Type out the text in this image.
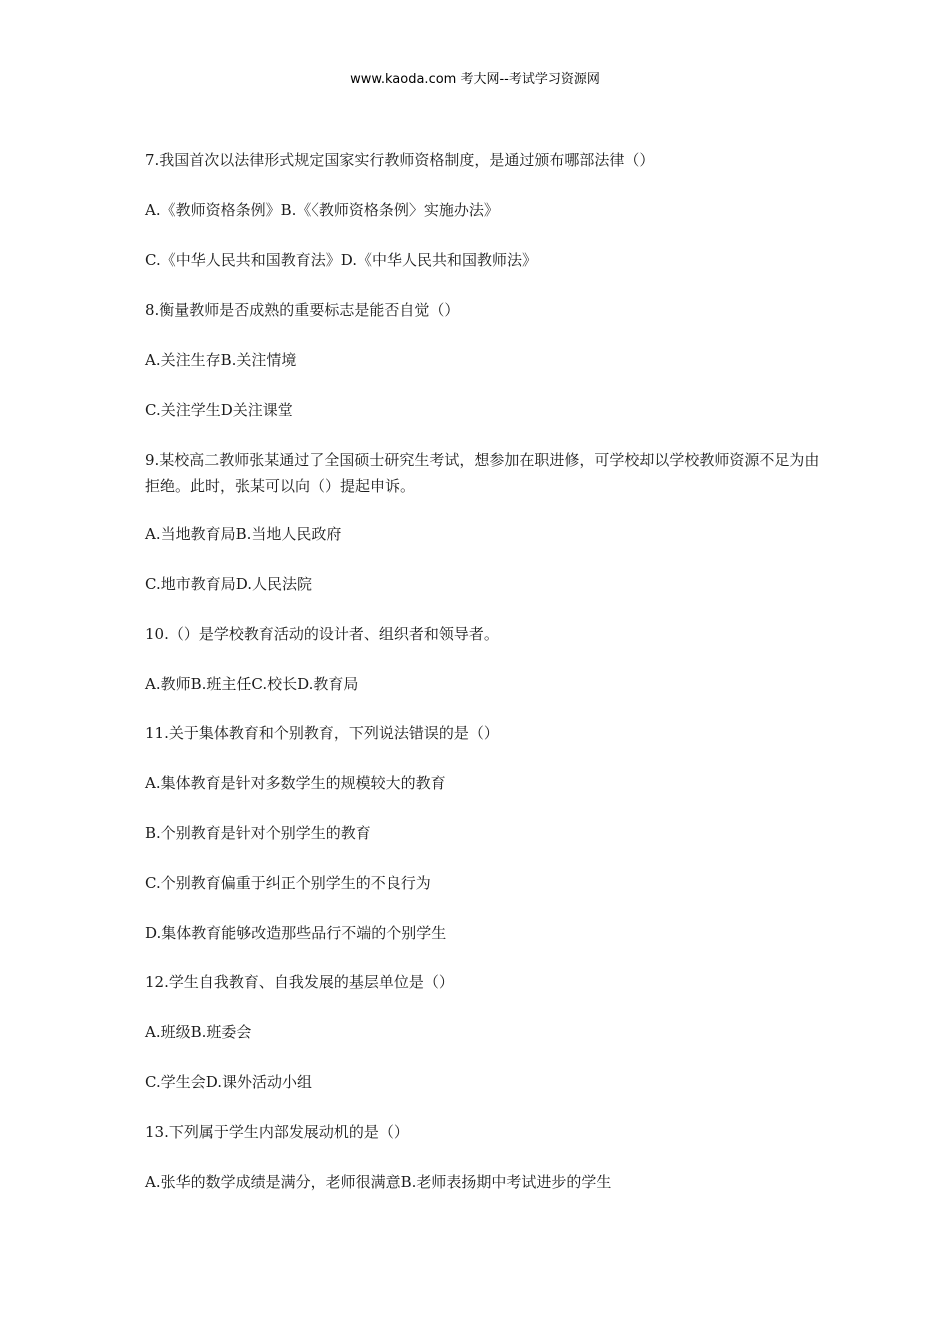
www.kaoda.com 考大网--考试学习资源网
7.我国首次以法律形式规定国家实行教师资格制度，是通过颁布哪部法律（）
A.《教师资格条例》B.《〈教师资格条例〉实施办法》
C.《中华人民共和国教育法》D.《中华人民共和国教师法》
8.衡量教师是否成熟的重要标志是能否自觉（）
A.关注生存B.关注情境
C.关注学生D关注课堂
9.某校高二教师张某通过了全国硕士研究生考试，想参加在职进修，可学校却以学校教师资源不足为由拒绝。此时，张某可以向（）提起申诉。
A.当地教育局B.当地人民政府
C.地市教育局D.人民法院
10.（）是学校教育活动的设计者、组织者和领导者。
A.教师B.班主任C.校长D.教育局
11.关于集体教育和个别教育，下列说法错误的是（）
A.集体教育是针对多数学生的规模较大的教育
B.个别教育是针对个别学生的教育
C.个别教育偏重于纠正个别学生的不良行为
D.集体教育能够改造那些品行不端的个别学生
12.学生自我教育、自我发展的基层单位是（）
A.班级B.班委会
C.学生会D.课外活动小组
13.下列属于学生内部发展动机的是（）
A.张华的数学成绩是满分，老师很满意B.老师表扬期中考试进步的学生
